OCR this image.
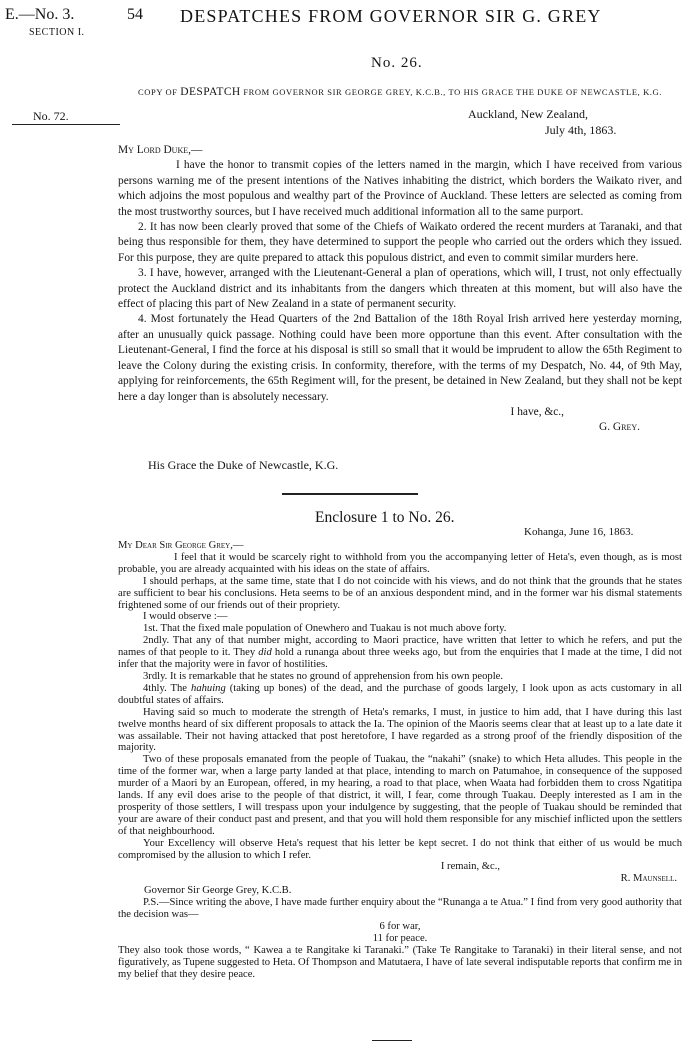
E.—No. 3.
SECTION I.
54 DESPATCHES FROM GOVERNOR SIR G. GREY
No. 26.
COPY OF DESPATCH FROM GOVERNOR SIR GEORGE GREY, K.C.B., TO HIS GRACE THE DUKE OF NEWCASTLE, K.G.
No. 72.	Auckland, New Zealand,
July 4th, 1863.

My Lord Duke,—

I have the honor to transmit copies of the letters named in the margin, which I have received from various persons warning me of the present intentions of the Natives inhabiting the district, which borders the Waikato river, and which adjoins the most populous and wealthy part of the Province of Auckland. These letters are selected as coming from the most trustworthy sources, but I have received much additional information all to the same purport.

2. It has now been clearly proved that some of the Chiefs of Waikato ordered the recent murders at Taranaki, and that being thus responsible for them, they have determined to support the people who carried out the orders which they issued. For this purpose, they are quite prepared to attack this populous district, and even to commit similar murders here.

3. I have, however, arranged with the Lieutenant-General a plan of operations, which will, I trust, not only effectually protect the Auckland district and its inhabitants from the dangers which threaten at this moment, but will also have the effect of placing this part of New Zealand in a state of permanent security.

4. Most fortunately the Head Quarters of the 2nd Battalion of the 18th Royal Irish arrived here yesterday morning, after an unusually quick passage. Nothing could have been more opportune than this event. After consultation with the Lieutenant-General, I find the force at his disposal is still so small that it would be imprudent to allow the 65th Regiment to leave the Colony during the existing crisis. In conformity, therefore, with the terms of my Despatch, No. 44, of 9th May, applying for reinforcements, the 65th Regiment will, for the present, be detained in New Zealand, but they shall not be kept here a day longer than is absolutely necessary.

I have, &c.,

G. Grey.

His Grace the Duke of Newcastle, K.G.
Enclosure 1 to No. 26.
Kohanga, June 16, 1863.

My Dear Sir George Grey,—

I feel that it would be scarcely right to withhold from you the accompanying letter of Heta's, even though, as is most probable, you are already acquainted with his ideas on the state of affairs.

I should perhaps, at the same time, state that I do not coincide with his views, and do not think that the grounds that he states are sufficient to bear his conclusions. Heta seems to be of an anxious despondent mind, and in the former war his dismal statements frightened some of our friends out of their propriety.

I would observe :—

1st. That the fixed male population of Onewhero and Tuakau is not much above forty.

2ndly. That any of that number might, according to Maori practice, have written that letter to which he refers, and put the names of that people to it. They did hold a runanga about three weeks ago, but from the enquiries that I made at the time, I did not infer that the majority were in favor of hostilities.

3rdly. It is remarkable that he states no ground of apprehension from his own people.

4thly. The hahuing (taking up bones) of the dead, and the purchase of goods largely, I look upon as acts customary in all doubtful states of affairs.

Having said so much to moderate the strength of Heta's remarks, I must, in justice to him add, that I have during this last twelve months heard of six different proposals to attack the Ia. The opinion of the Maoris seems clear that at least up to a late date it was assailable. Their not having attacked that post heretofore, I have regarded as a strong proof of the friendly disposition of the majority.

Two of these proposals emanated from the people of Tuakau, the “nakahi” (snake) to which Heta alludes. This people in the time of the former war, when a large party landed at that place, intending to march on Patumahoe, in consequence of the supposed murder of a Maori by an European, offered, in my hearing, a road to that place, when Waata had forbidden them to cross Ngatitipa lands. If any evil does arise to the people of that district, it will, I fear, come through Tuakau. Deeply interested as I am in the prosperity of those settlers, I will trespass upon your indulgence by suggesting, that the people of Tuakau should be reminded that your are aware of their conduct past and present, and that you will hold them responsible for any mischief inflicted upon the settlers of that neighbourhood.

Your Excellency will observe Heta's request that his letter be kept secret. I do not think that either of us would be much compromised by the allusion to which I refer.

I remain, &c.,

R. Maunsell.

Governor Sir George Grey, K.C.B.

P.S.—Since writing the above, I have made further enquiry about the “Runanga a te Atua.” I find from very good authority that the decision was—

6 for war,

11 for peace.

They also took those words, “ Kawea a te Rangitake ki Taranaki.” (Take Te Rangitake to Taranaki) in their literal sense, and not figuratively, as Tupene suggested to Heta. Of Thompson and Matutaera, I have of late several indisputable reports that confirm me in my belief that they desire peace.
